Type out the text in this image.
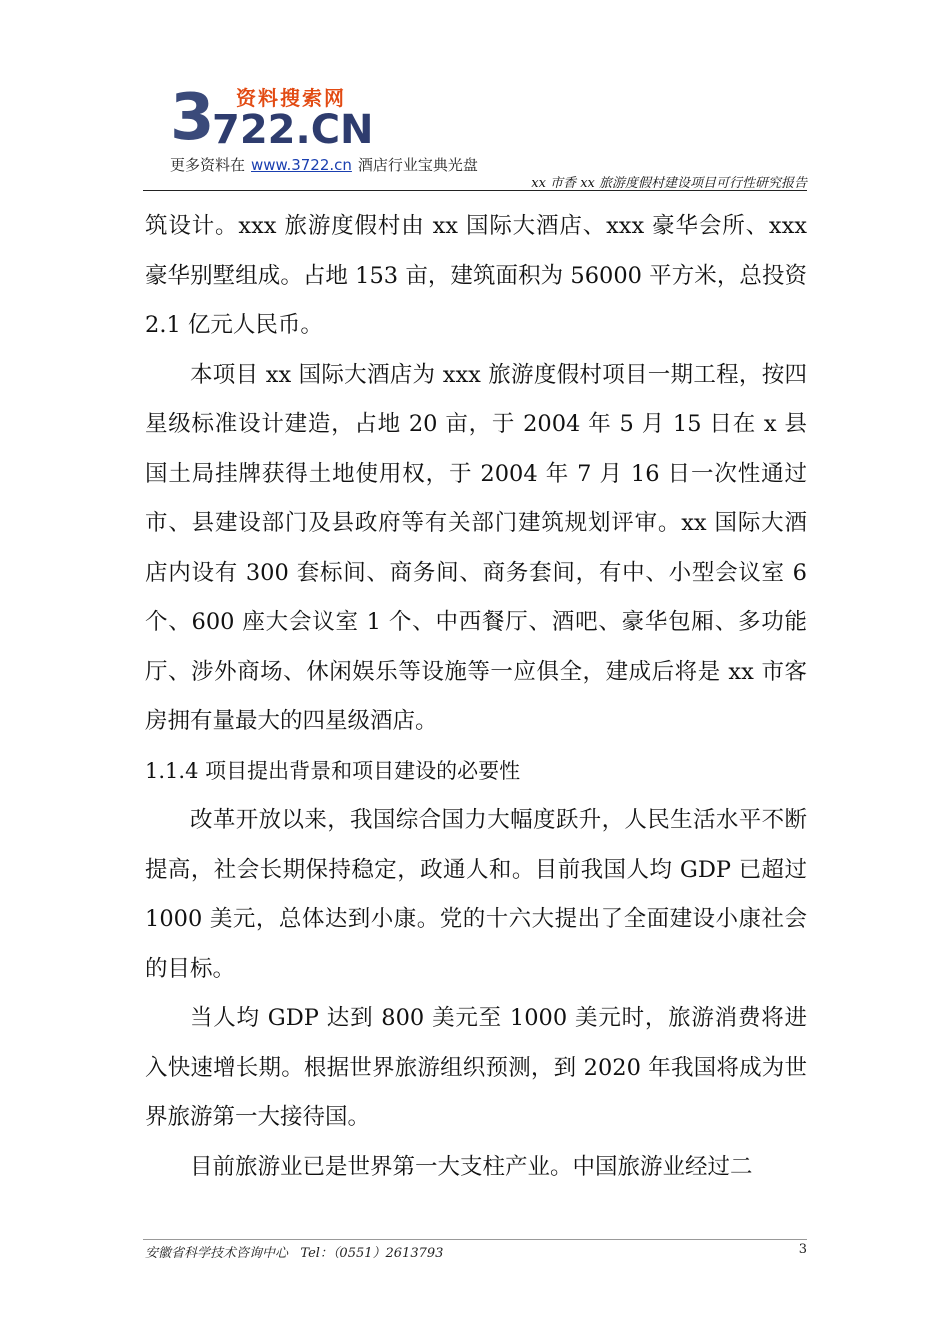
3 资料搜索网
722.CN
更多资料在 www.3722.cn 酒店行业宝典光盘
xx 市香 xx 旅游度假村建设项目可行性研究报告

筑设计。xxx 旅游度假村由 xx 国际大酒店、xxx 豪华会所、xxx 豪华别墅组成。占地 153 亩，建筑面积为 56000 平方米，总投资 2.1 亿元人民币。

本项目 xx 国际大酒店为 xxx 旅游度假村项目一期工程，按四星级标准设计建造，占地 20 亩，于 2004 年 5 月 15 日在 x 县国土局挂牌获得土地使用权，于 2004 年 7 月 16 日一次性通过市、县建设部门及县政府等有关部门建筑规划评审。xx 国际大酒店内设有 300 套标间、商务间、商务套间，有中、小型会议室 6 个、600 座大会议室 1 个、中西餐厅、酒吧、豪华包厢、多功能厅、涉外商场、休闲娱乐等设施等一应俱全，建成后将是 xx 市客房拥有量最大的四星级酒店。

1.1.4 项目提出背景和项目建设的必要性

改革开放以来，我国综合国力大幅度跃升，人民生活水平不断提高，社会长期保持稳定，政通人和。目前我国人均 GDP 已超过 1000 美元，总体达到小康。党的十六大提出了全面建设小康社会的目标。

当人均 GDP 达到 800 美元至 1000 美元时，旅游消费将进入快速增长期。根据世界旅游组织预测，到 2020 年我国将成为世界旅游第一大接待国。

目前旅游业已是世界第一大支柱产业。中国旅游业经过二

安徽省科学技术咨询中心 Tel：（0551）2613793	3
